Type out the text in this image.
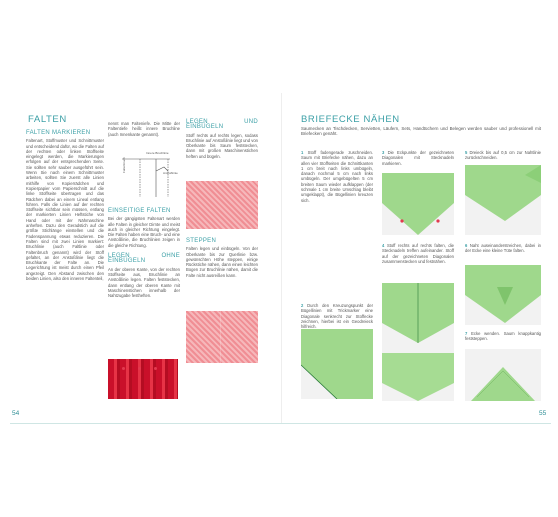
FALTEN
FALTEN MARKIEREN

Faltenart, Stoffmuster und Schnittmuster und entscheidend dafür, wo die Falten auf der rechten oder linken Stoffseite eingelegt werden, die Markierungen erfolgen auf der entsprechenden Seite. Sie sollten sehr sauber ausgeführt sein. Wenn Sie nach einem Schnittmuster arbeiten, sollten Sie zuerst alle Linien mithilfe von Kopierrädchen und Kopierpapier vom Papierschnitt auf die linke Stoffseite übertragen und das Rädchen dabei an einem Lineal entlang führen. Falls die Linien auf der rechten Stoffseite sichtbar sein müssen, entlang der markierten Linien Heftstiche von Hand oder mit der Nähmaschine anheften. Dazu den Geradstich auf die größte Stichlänge einstellen und die Fadenspannung etwas reduzieren. Die Falten sind mit zwei Linien markiert: Bruchlinie (auch Faltlinie oder Faltenbruch genannt) wird der Stoff gefaltet, an der Anstoßlinie liegt die Bruchkante der Falte an. Die Legerichtung ist meist durch einen Pfeil angezeigt. Den Abstand zwischen den beiden Linien, also den inneren Faltenteil,

nennt man Falteniefe. Die Mitte der Faltentiefe heißt innere Bruchline (auch Innenkante genannt).

Innere Bruchlinie
Faltenbruch	Anstoßlinie
EINSEITIGE FALTEN

Bei der gängigsten Faltenart werden alle Falten in gleicher Dirnte und meist auch in gleicher Richtung eingelegt. Die Falten haben eine Bruch- und eine Anstoßlinie, die Bruchlinien zeigen in die gleiche Richtung.

LEGEN OHNE EINBÜGELN

An der oberen Kante, von der rechten Stoffseite aus, Bruchlinie an Anstoßlinie legen. Falten feststecken, dann entlang der oberen Kante mit Maschinenstichen innerhalb der Nahtzugabe festheften.

LEGEN UND EINBÜGELN

Stoff rechts auf rechts legen, sodass Bruchlinie auf Anstoßlinie liegt und von Oberkante bis Saum feststecken, dann mit großen Maschinenstichen heften und bügeln.

STEPPEN

Falten legen und einbügeln. Von der Oberkante bis zur Querlinie bzw. gewünschten Höhe steppen, einige Rückstiche nähen, dann einen leichten Bogen zur Bruchlinie nähen, damit die Falte nicht ausreißen kann.

54
BRIEFECKE NÄHEN
Saumecken an Tischdecken, Servietten, Läufern, Sets, Handtüchern und Belegen werden sauber und professionell mit Briefecken genäht.
1 Stoff fadengerade zuschneiden. Saum mit Briefecke nähen, dazu an allen vier Stoffseiten die Schnittkanten 1 cm breit nach links umbügeln, danach nochmal 5 cm nach links umbügeln. Der umgebügelten 5 cm breiten Saum wieder aufklappen (der schmale 1 cm breite Umschlag bleibt umgeklappt), die Bügellinien kreuzen sich.
2 Durch den Kreuzungspunkt der Bügellinien mit Trickmarker eine Diagonale senkrecht zur Stoffecke zeichnen, hierbei ist ein Geodreieck hilfreich.
3 Die Eckpunkte der gezeichneten Diagonalen mit Stecknadeln markieren.
4 Stoff rechts auf rechts falten, die Stecknadeln treffen aufeinander. Stoff auf der gezeichneten Diagonalen zusammenstecken und festnähen.
5 Dreieck bis auf 0,5 cm zur Nahtlinie zurückschneiden.
6 Naht auseinanderstreichen, dabei in der Ecke eine kleine Tüte falten.
7 Ecke wenden. Saum knappkantig feststeppen.
55
